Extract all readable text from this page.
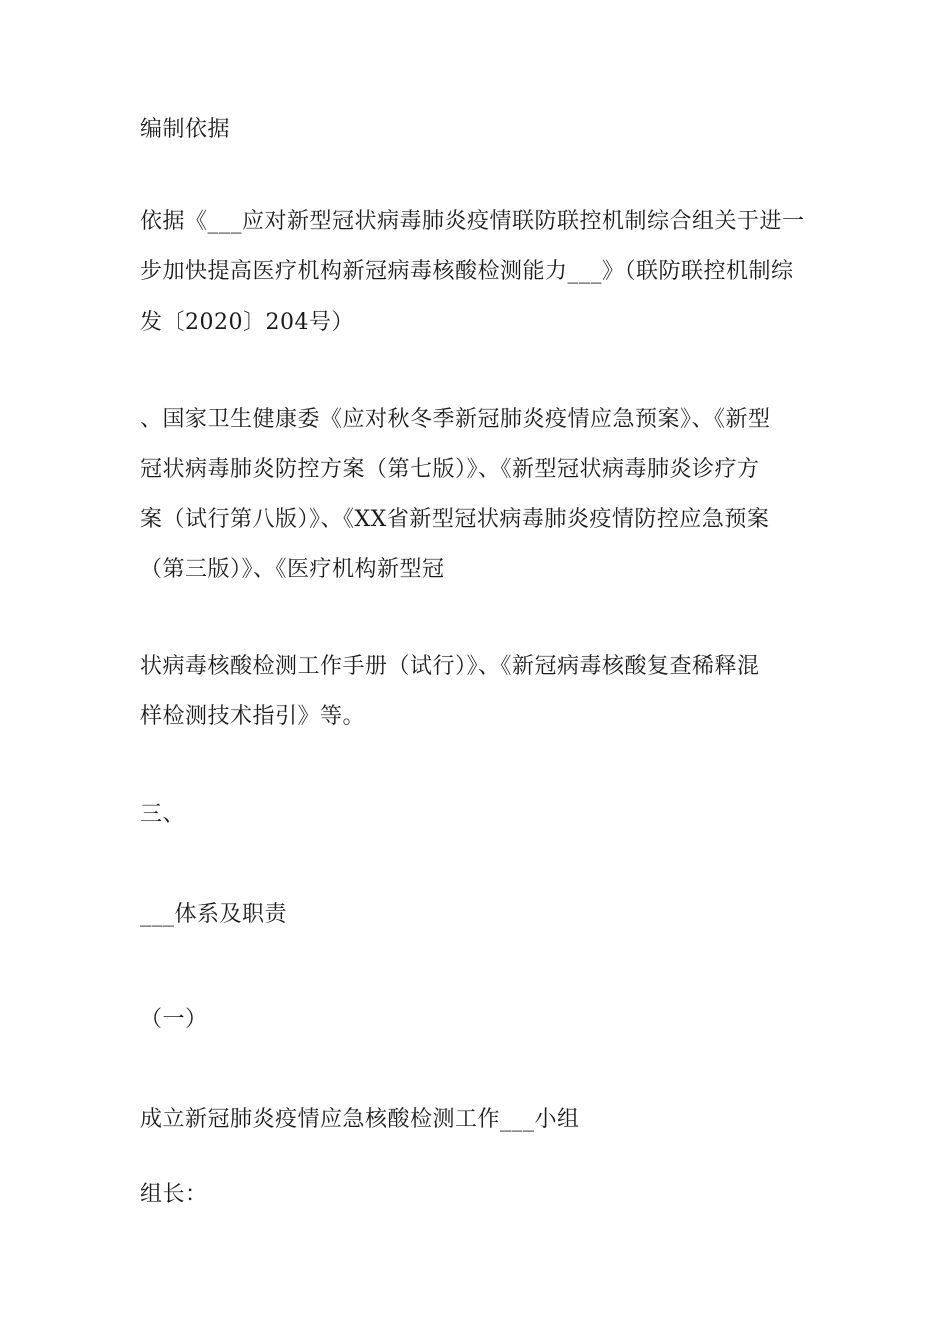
编制依据
依据《___应对新型冠状病毒肺炎疫情联防联控机制综合组关于进一
步加快提高医疗机构新冠病毒核酸检测能力___》（联防联控机制综
发〔2020〕204号）
、国家卫生健康委《应对秋冬季新冠肺炎疫情应急预案》、《新型
冠状病毒肺炎防控方案（第七版）》、《新型冠状病毒肺炎诊疗方
案（试行第八版）》、《XX省新型冠状病毒肺炎疫情防控应急预案
（第三版）》、《医疗机构新型冠
状病毒核酸检测工作手册（试行）》、《新冠病毒核酸复查稀释混
样检测技术指引》等。
三、
___体系及职责
（一）
成立新冠肺炎疫情应急核酸检测工作___小组
组长：
